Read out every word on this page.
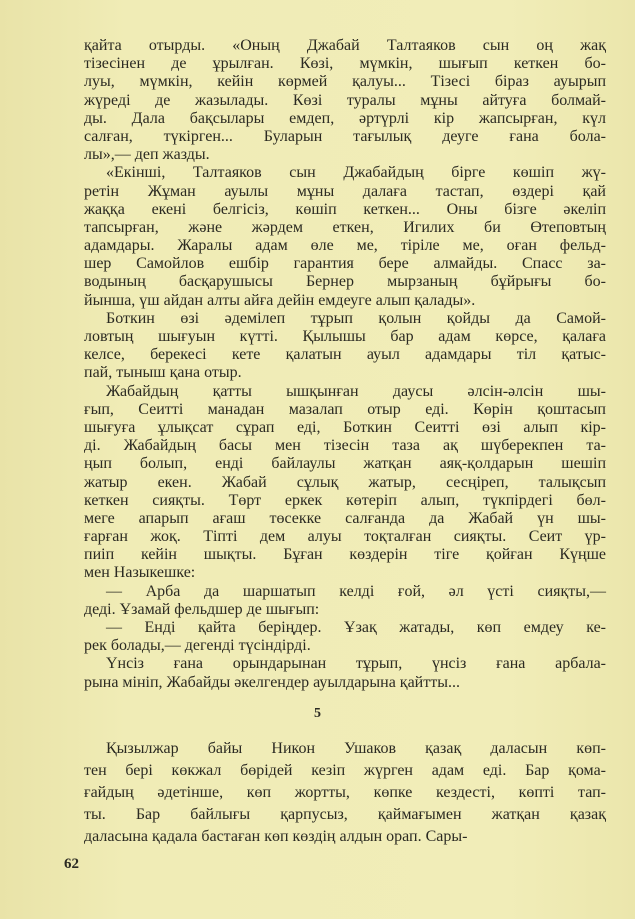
қайта отырды. «Оның Джабай Талтаяков сын оң жақ
тізесінен де ұрылған. Көзі, мүмкін, шығып кеткен бо-
луы, мүмкін, кейін көрмей қалуы... Тізесі біраз ауырып
жүреді де жазылады. Көзі туралы мұны айтуға болмай-
ды. Дала бақсылары емдеп, әртүрлі кір жапсырған, күл
салған, түкірген... Буларын тағылық деуге ғана бола-
лы»,— деп жазды.
«Екінші, Талтаяков сын Джабайдың бірге көшіп жү-
ретін Жұман ауылы мұны далаға тастап, өздері қай
жаққа екені белгісіз, көшіп кеткен... Оны бізге әкеліп
тапсырған, және жәрдем еткен, Игилих би Өтеповтың
адамдары. Жаралы адам өле ме, тіріле ме, оған фельд-
шер Самойлов ешбір гарантия бере алмайды. Спасс за-
водының басқарушысы Бернер мырзаның бұйрығы бо-
йынша, үш айдан алты айға дейін емдеуге алып қалады».
Боткин өзі әдемілеп тұрып қолын қойды да Самой-
ловтың шығуын күтті. Қылышы бар адам көрсе, қалаға
келсе, берекесі кете қалатын ауыл адамдары тіл қатыс-
пай, тыныш қана отыр.
Жабайдың қатты ышқынған даусы әлсін-әлсін шы-
ғып, Сеитті манадан мазалап отыр еді. Көрін қоштасып
шығуға ұлықсат сұрап еді, Боткин Сеитті өзі алып кір-
ді. Жабайдың басы мен тізесін таза ақ шүберекпен та-
ңып болып, енді байлаулы жатқан аяқ-қолдарын шешіп
жатыр екен. Жабай сұлық жатыр, сесңіреп, талықсып
кеткен сияқты. Төрт еркек көтеріп алып, түкпірдегі бөл-
меге апарып ағаш төсекке салғанда да Жабай үн шы-
ғарған жоқ. Тіпті дем алуы тоқталған сияқты. Сеит үр-
пиіп кейін шықты. Бұған көздерін тіге қойған Күңше
мен Назыкешке:
— Арба да шаршатып келді ғой, әл үсті сияқты,—
деді. Ұзамай фельдшер де шығып:
— Енді қайта беріңдер. Ұзақ жатады, көп емдеу ке-
рек болады,— дегенді түсіндірді.
Үнсіз ғана орындарынан тұрып, үнсіз ғана арбала-
рына мініп, Жабайды әкелгендер ауылдарына қайтты...
5
Қызылжар байы Никон Ушаков қазақ даласын көп-
тен бері көкжал бөрідей кезіп жүрген адам еді. Бар қома-
ғайдың әдетінше, көп жортты, көпке кездесті, көпті тап-
ты. Бар байлығы қарпусыз, қаймағымен жатқан қазақ
даласына қадала бастаған көп көздің алдын орап. Сары-
62
